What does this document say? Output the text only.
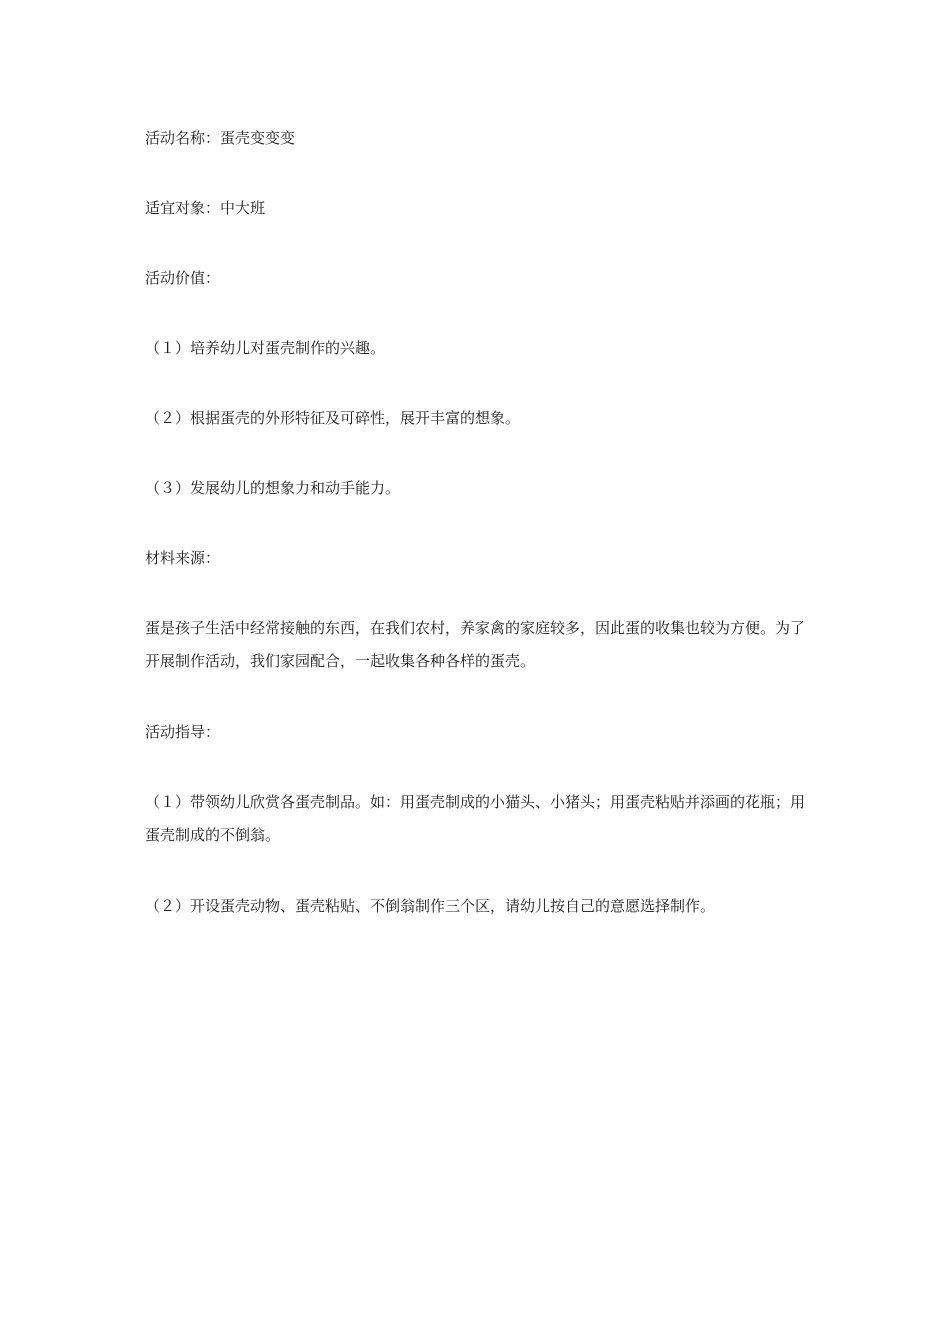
活动名称：蛋壳变变变

适宜对象：中大班

活动价值：

（１）培养幼儿对蛋壳制作的兴趣。

（２）根据蛋壳的外形特征及可碎性，展开丰富的想象。

（３）发展幼儿的想象力和动手能力。

材料来源：

蛋是孩子生活中经常接触的东西，在我们农村，养家禽的家庭较多，因此蛋的收集也较为方便。为了开展制作活动，我们家园配合，一起收集各种各样的蛋壳。

活动指导：

（１）带领幼儿欣赏各蛋壳制品。如：用蛋壳制成的小猫头、小猪头；用蛋壳粘贴并添画的花瓶；用蛋壳制成的不倒翁。

（２）开设蛋壳动物、蛋壳粘贴、不倒翁制作三个区，请幼儿按自己的意愿选择制作。
